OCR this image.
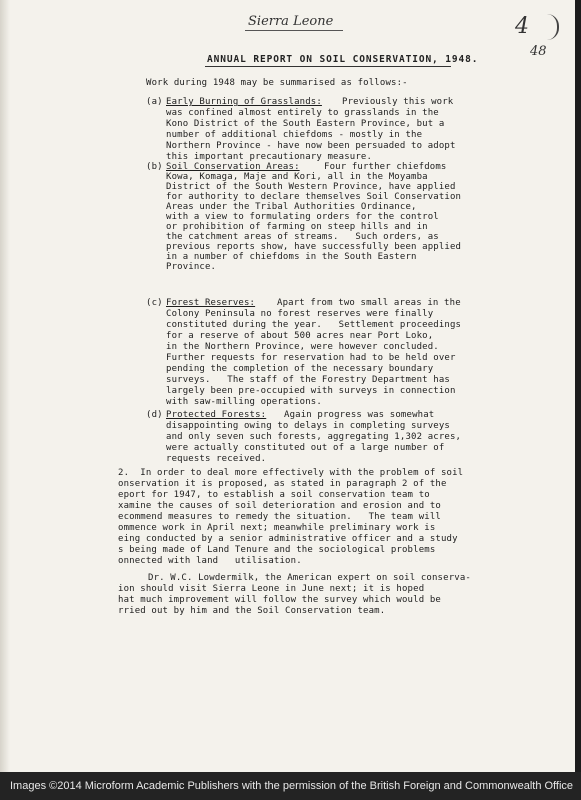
Sierra Leone	4
48
ANNUAL REPORT ON SOIL CONSERVATION, 1948.
Work during 1948 may be summarised as follows:-
(a) Early Burning of Grasslands: Previously this work
was confined almost entirely to grasslands in the
Kono District of the South Eastern Province, but a
number of additional chiefdoms - mostly in the
Northern Province - have now been persuaded to adopt
this important precautionary measure.
(b) Soil Conservation Areas:	Four further chiefdoms
Kowa, Komaga, Maje and Kori, all in the Moyamba
District of the South Western Province, have applied
for authority to declare themselves Soil Conservation
Areas under the Tribal Authorities Ordinance,
with a view to formulating orders for the control
or prohibition of farming on steep hills and in
the catchment areas of streams.   Such orders, as
previous reports show, have successfully been applied
in a number of chiefdoms in the South Eastern
Province.
(c) Forest Reserves: Apart from two small areas in the
Colony Peninsula no forest reserves were finally
constituted during the year.   Settlement proceedings
for a reserve of about 500 acres near Port Loko,
in the Northern Province, were however concluded.
Further requests for reservation had to be held over
pending the completion of the necessary boundary
surveys.   The staff of the Forestry Department has
largely been pre-occupied with surveys in connection
with saw-milling operations.
(d) Protected Forests: Again progress was somewhat
disappointing owing to delays in completing surveys
and only seven such forests, aggregating 1,302 acres,
were actually constituted out of a large number of
requests received.
2.  In order to deal more effectively with the problem of soil
onservation it is proposed, as stated in paragraph 2 of the
eport for 1947, to establish a soil conservation team to
xamine the causes of soil deterioration and erosion and to
ecommend measures to remedy the situation.   The team will
ommence work in April next; meanwhile preliminary work is
eing conducted by a senior administrative officer and a study
s being made of Land Tenure and the sociological problems
onnected with land   utilisation.
Dr. W.C. Lowdermilk, the American expert on soil conserva-
ion should visit Sierra Leone in June next; it is hoped
hat much improvement will follow the survey which would be
rried out by him and the Soil Conservation team.
Images ©2014 Microform Academic Publishers with the permission of the British Foreign and Commonwealth Office
